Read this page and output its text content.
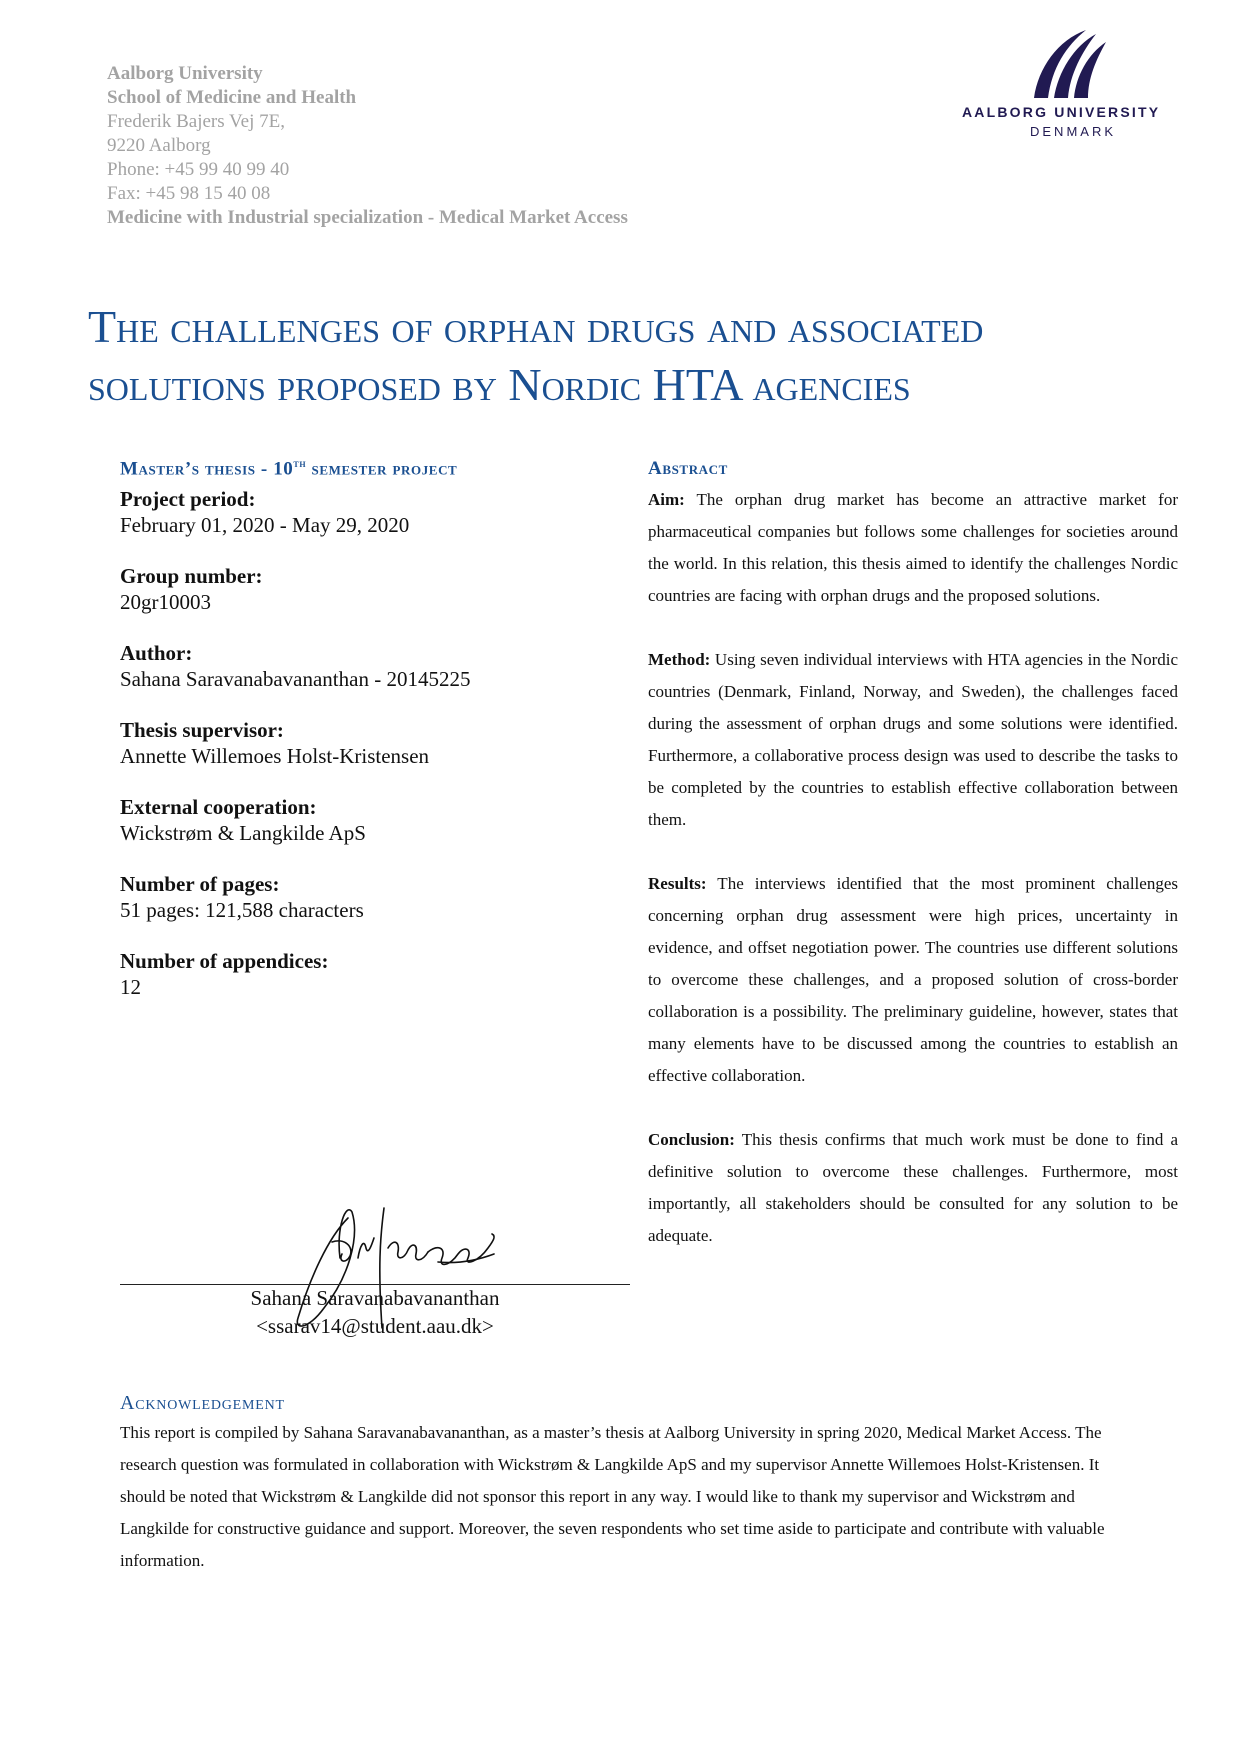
Aalborg University
School of Medicine and Health
Frederik Bajers Vej 7E,
9220 Aalborg
Phone: +45 99 40 99 40
Fax: +45 98 15 40 08
Medicine with Industrial specialization - Medical Market Access
AALBORG UNIVERSITY
DENMARK
The challenges of orphan drugs and associated
solutions proposed by Nordic HTA agencies
Master’s thesis - 10th semester project
Project period:
February 01, 2020 - May 29, 2020
Group number:
20gr10003
Author:
Sahana Saravanabavananthan - 20145225
Thesis supervisor:
Annette Willemoes Holst-Kristensen
External cooperation:
Wickstrøm & Langkilde ApS
Number of pages:
51 pages: 121,588 characters
Number of appendices:
12
Sahana Saravanabavananthan
<ssarav14@student.aau.dk>
Abstract

Aim: The orphan drug market has become an attractive market for pharmaceutical companies but follows some challenges for societies around the world. In this relation, this thesis aimed to identify the challenges Nordic countries are facing with orphan drugs and the proposed solutions.

Method: Using seven individual interviews with HTA agencies in the Nordic countries (Denmark, Finland, Norway, and Sweden), the challenges faced during the assessment of orphan drugs and some solutions were identified. Furthermore, a collaborative process design was used to describe the tasks to be completed by the countries to establish effective collaboration between them.

Results: The interviews identified that the most prominent challenges concerning orphan drug assessment were high prices, uncertainty in evidence, and offset negotiation power. The countries use different solutions to overcome these challenges, and a proposed solution of cross-border collaboration is a possibility. The preliminary guideline, however, states that many elements have to be discussed among the countries to establish an effective collaboration.

Conclusion: This thesis confirms that much work must be done to find a definitive solution to overcome these challenges. Furthermore, most importantly, all stakeholders should be consulted for any solution to be adequate.

Acknowledgement

This report is compiled by Sahana Saravanabavananthan, as a master’s thesis at Aalborg University in spring 2020, Medical Market Access. The research question was formulated in collaboration with Wickstrøm & Langkilde ApS and my supervisor Annette Willemoes Holst-Kristensen. It should be noted that Wickstrøm & Langkilde did not sponsor this report in any way. I would like to thank my supervisor and Wickstrøm and Langkilde for constructive guidance and support. Moreover, the seven respondents who set time aside to participate and contribute with valuable information.
